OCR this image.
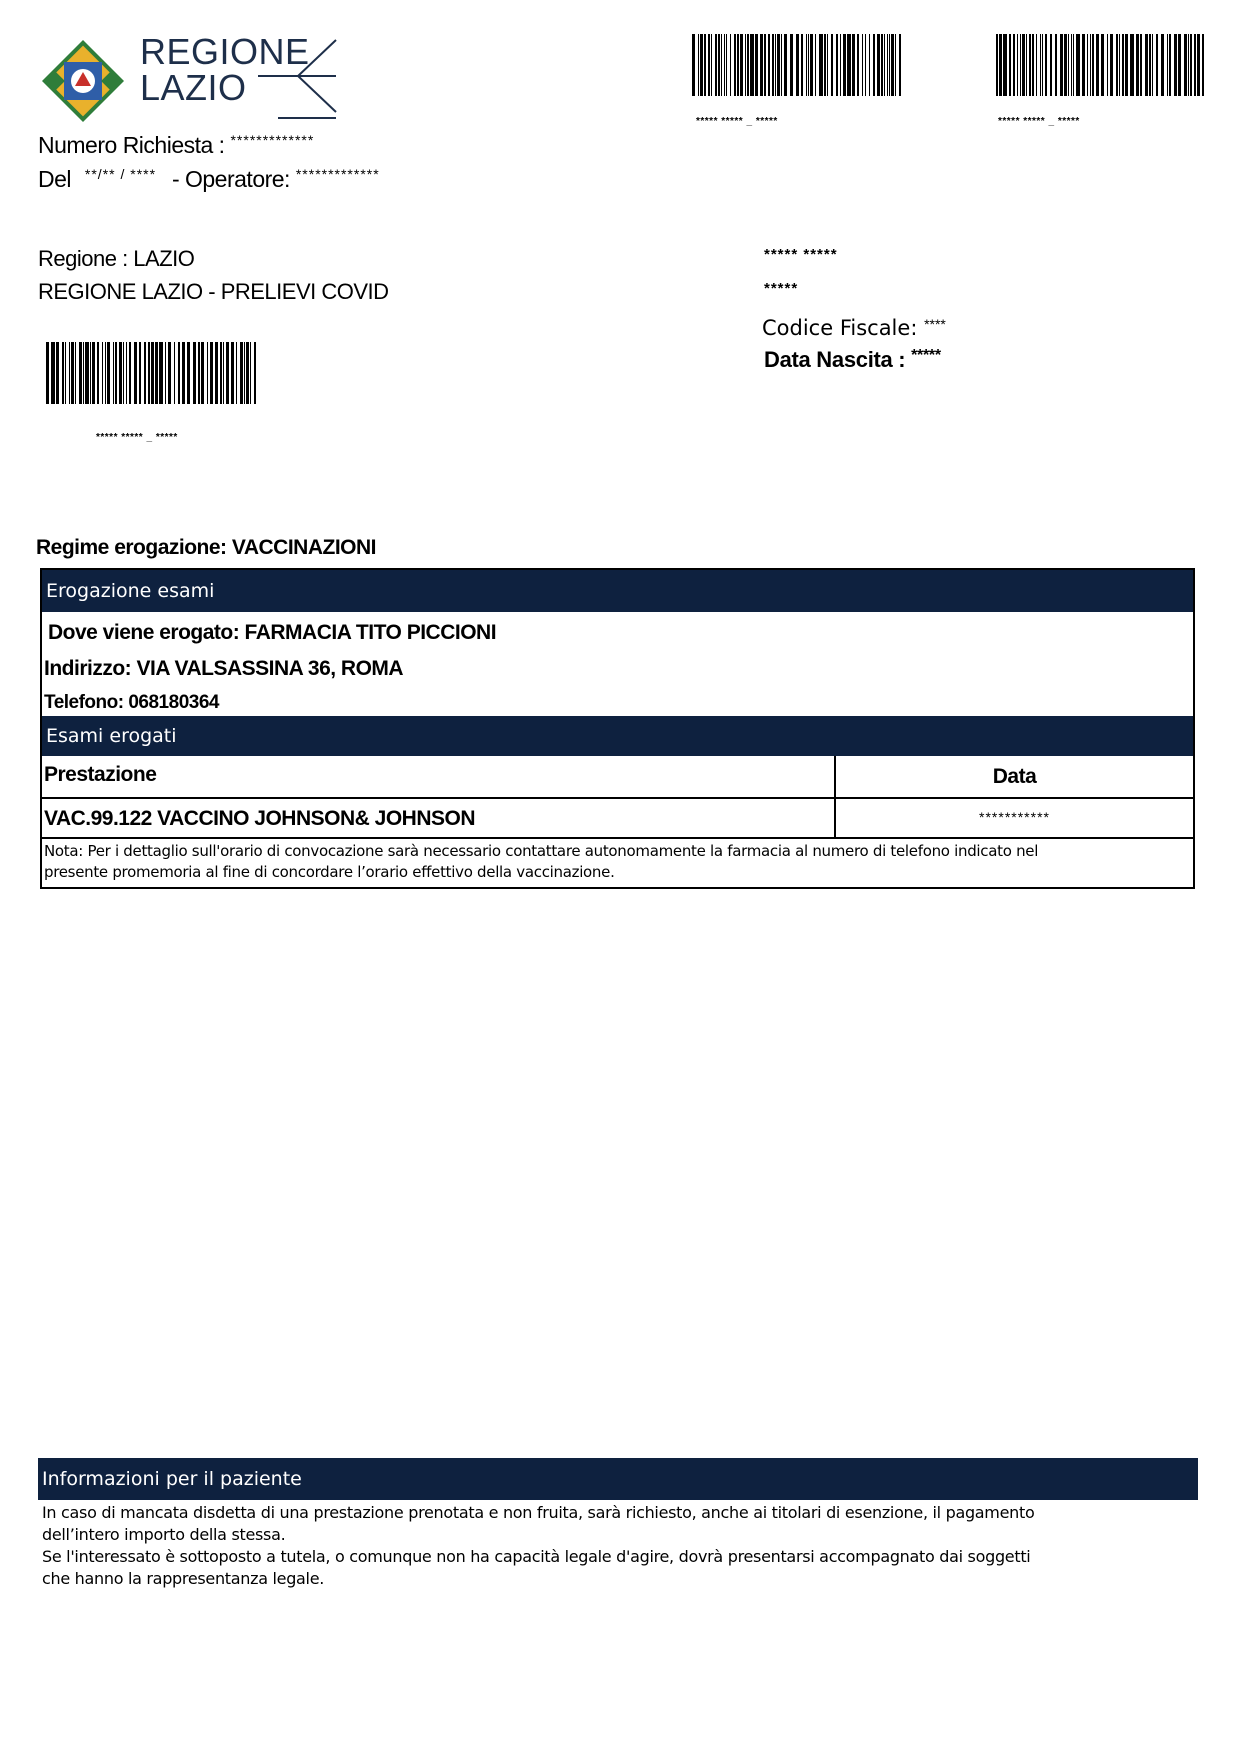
REGIONE
LAZIO
Numero Richiesta : *************
Del **/** / **** - Operatore: *************
***** ***** _ *****	***** ***** _ *****
Regione : LAZIO
REGIONE LAZIO - PRELIEVI COVID
***** *****
*****
Codice Fiscale: ****
Data Nascita : *****
***** ***** _ *****
Regime erogazione: VACCINAZIONI
Erogazione esami
Dove viene erogato: FARMACIA TITO PICCIONI
Indirizzo: VIA VALSASSINA 36, ROMA
Telefono: 068180364
Esami erogati
Prestazione	Data
VAC.99.122 VACCINO JOHNSON& JOHNSON	***********
Nota: Per i dettaglio sull'orario di convocazione sarà necessario contattare autonomamente la farmacia al numero di telefono indicato nel
presente promemoria al fine di concordare l’orario effettivo della vaccinazione.
Informazioni per il paziente
In caso di mancata disdetta di una prestazione prenotata e non fruita, sarà richiesto, anche ai titolari di esenzione, il pagamento
dell’intero importo della stessa.
Se l'interessato è sottoposto a tutela, o comunque non ha capacità legale d'agire, dovrà presentarsi accompagnato dai soggetti
che hanno la rappresentanza legale.
